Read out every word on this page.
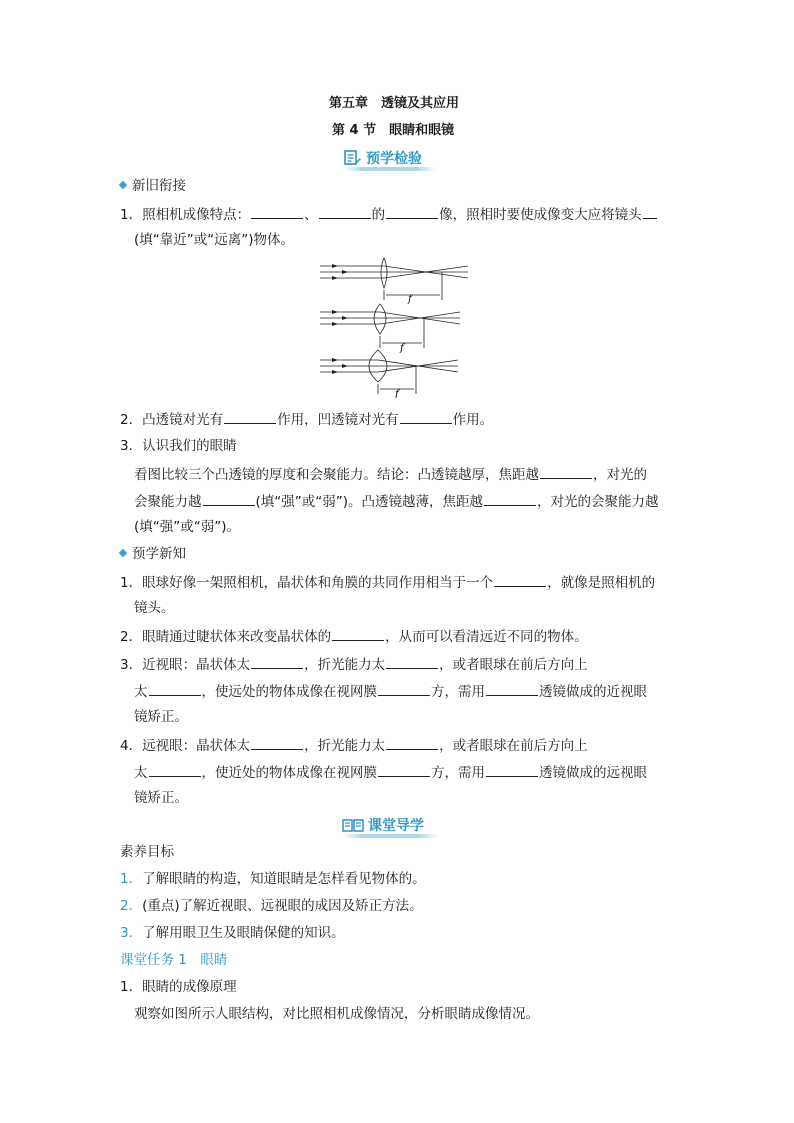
第五章　透镜及其应用
第 4 节　眼睛和眼镜
预学检验
新旧衔接
1．照相机成像特点：	、	的	像，照相时要使成像变大应将镜头
(填“靠近”或“远离”)物体。
f
f
f
2．凸透镜对光有	作用，凹透镜对光有	作用。
3．认识我们的眼睛
看图比较三个凸透镜的厚度和会聚能力。结论：凸透镜越厚，焦距越	，对光的
会聚能力越	(填“强”或“弱”)。凸透镜越薄，焦距越	，对光的会聚能力越
(填“强”或“弱”)。
预学新知
1．眼球好像一架照相机，晶状体和角膜的共同作用相当于一个	，就像是照相机的
镜头。
2．眼睛通过睫状体来改变晶状体的	，从而可以看清远近不同的物体。
3．近视眼：晶状体太	，折光能力太	，或者眼球在前后方向上
太	，使远处的物体成像在视网膜	方，需用	透镜做成的近视眼
镜矫正。
4．远视眼：晶状体太	，折光能力太	，或者眼球在前后方向上
太	，使近处的物体成像在视网膜	方，需用	透镜做成的远视眼
镜矫正。
课堂导学
素养目标
1．了解眼睛的构造，知道眼睛是怎样看见物体的。
2．(重点)了解近视眼、远视眼的成因及矫正方法。
3．了解用眼卫生及眼睛保健的知识。
课堂任务 1　眼睛
1．眼睛的成像原理
观察如图所示人眼结构，对比照相机成像情况，分析眼睛成像情况。
